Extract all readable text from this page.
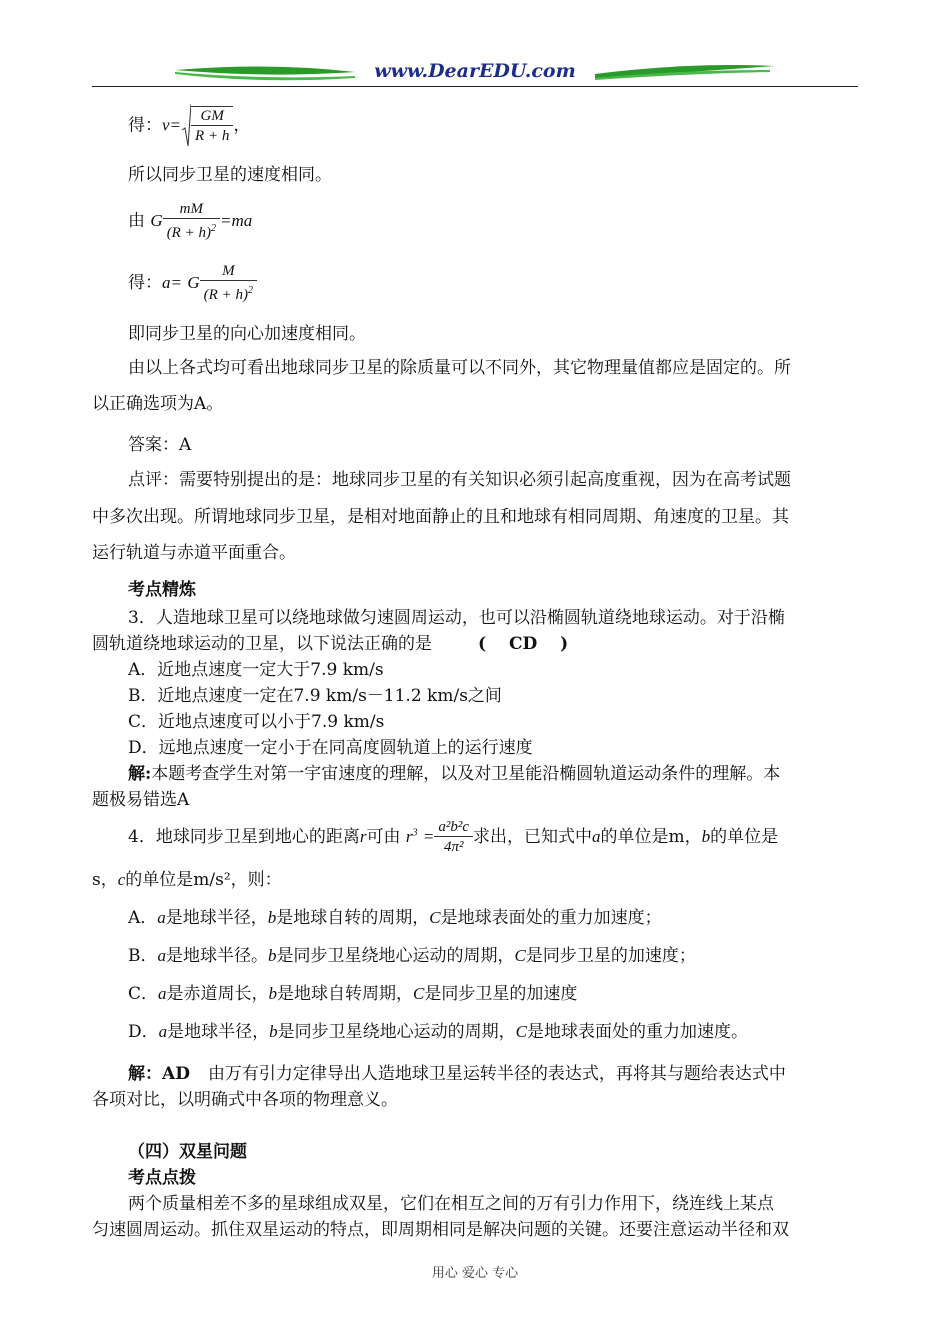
www.DearEDU.com
得：$v= \frac{GM}{R + h}$ ，
所以同步卫星的速度相同。
由 G $\frac{mM}{(R + h)^2} =ma$
得：a= G $\frac{M}{(R + h)^2}$
即同步卫星的向心加速度相同。
由以上各式均可看出地球同步卫星的除质量可以不同外，其它物理量值都应是固定的。所
以正确选项为A。
答案：A
点评：需要特别提出的是：地球同步卫星的有关知识必须引起高度重视，因为在高考试题
中多次出现。所谓地球同步卫星，是相对地面静止的且和地球有相同周期、角速度的卫星。其
运行轨道与赤道平面重合。
考点精炼
3．人造地球卫星可以绕地球做匀速圆周运动，也可以沿椭圆轨道绕地球运动。对于沿椭
圆轨道绕地球运动的卫星，以下说法正确的是	(　 CD　 )
A．近地点速度一定大于7.9 km/s
B．近地点速度一定在7.9 km/s－11.2 km/s之间
C．近地点速度可以小于7.9 km/s
D．远地点速度一定小于在同高度圆轨道上的运行速度
解:本题考查学生对第一宇宙速度的理解，以及对卫星能沿椭圆轨道运动条件的理解。本
题极易错选A
4．地球同步卫星到地心的距离r可由 $r^3 = \frac{\text{a²b²c}}{\text{4π²}}$ 求出，已知式中a的单位是m，b的单位是
s，c的单位是m/s²，则：
A．a是地球半径，b是地球自转的周期，C是地球表面处的重力加速度；
B．a是地球半径。b是同步卫星绕地心运动的周期，C是同步卫星的加速度；
C．a是赤道周长，b是地球自转周期，C是同步卫星的加速度
D．a是地球半径，b是同步卫星绕地心运动的周期，C是地球表面处的重力加速度。
解：AD 由万有引力定律导出人造地球卫星运转半径的表达式，再将其与题给表达式中
各项对比，以明确式中各项的物理意义。
（四）双星问题
考点点拨
两个质量相差不多的星球组成双星，它们在相互之间的万有引力作用下，绕连线上某点
匀速圆周运动。抓住双星运动的特点，即周期相同是解决问题的关键。还要注意运动半径和双
用心 爱心 专心
